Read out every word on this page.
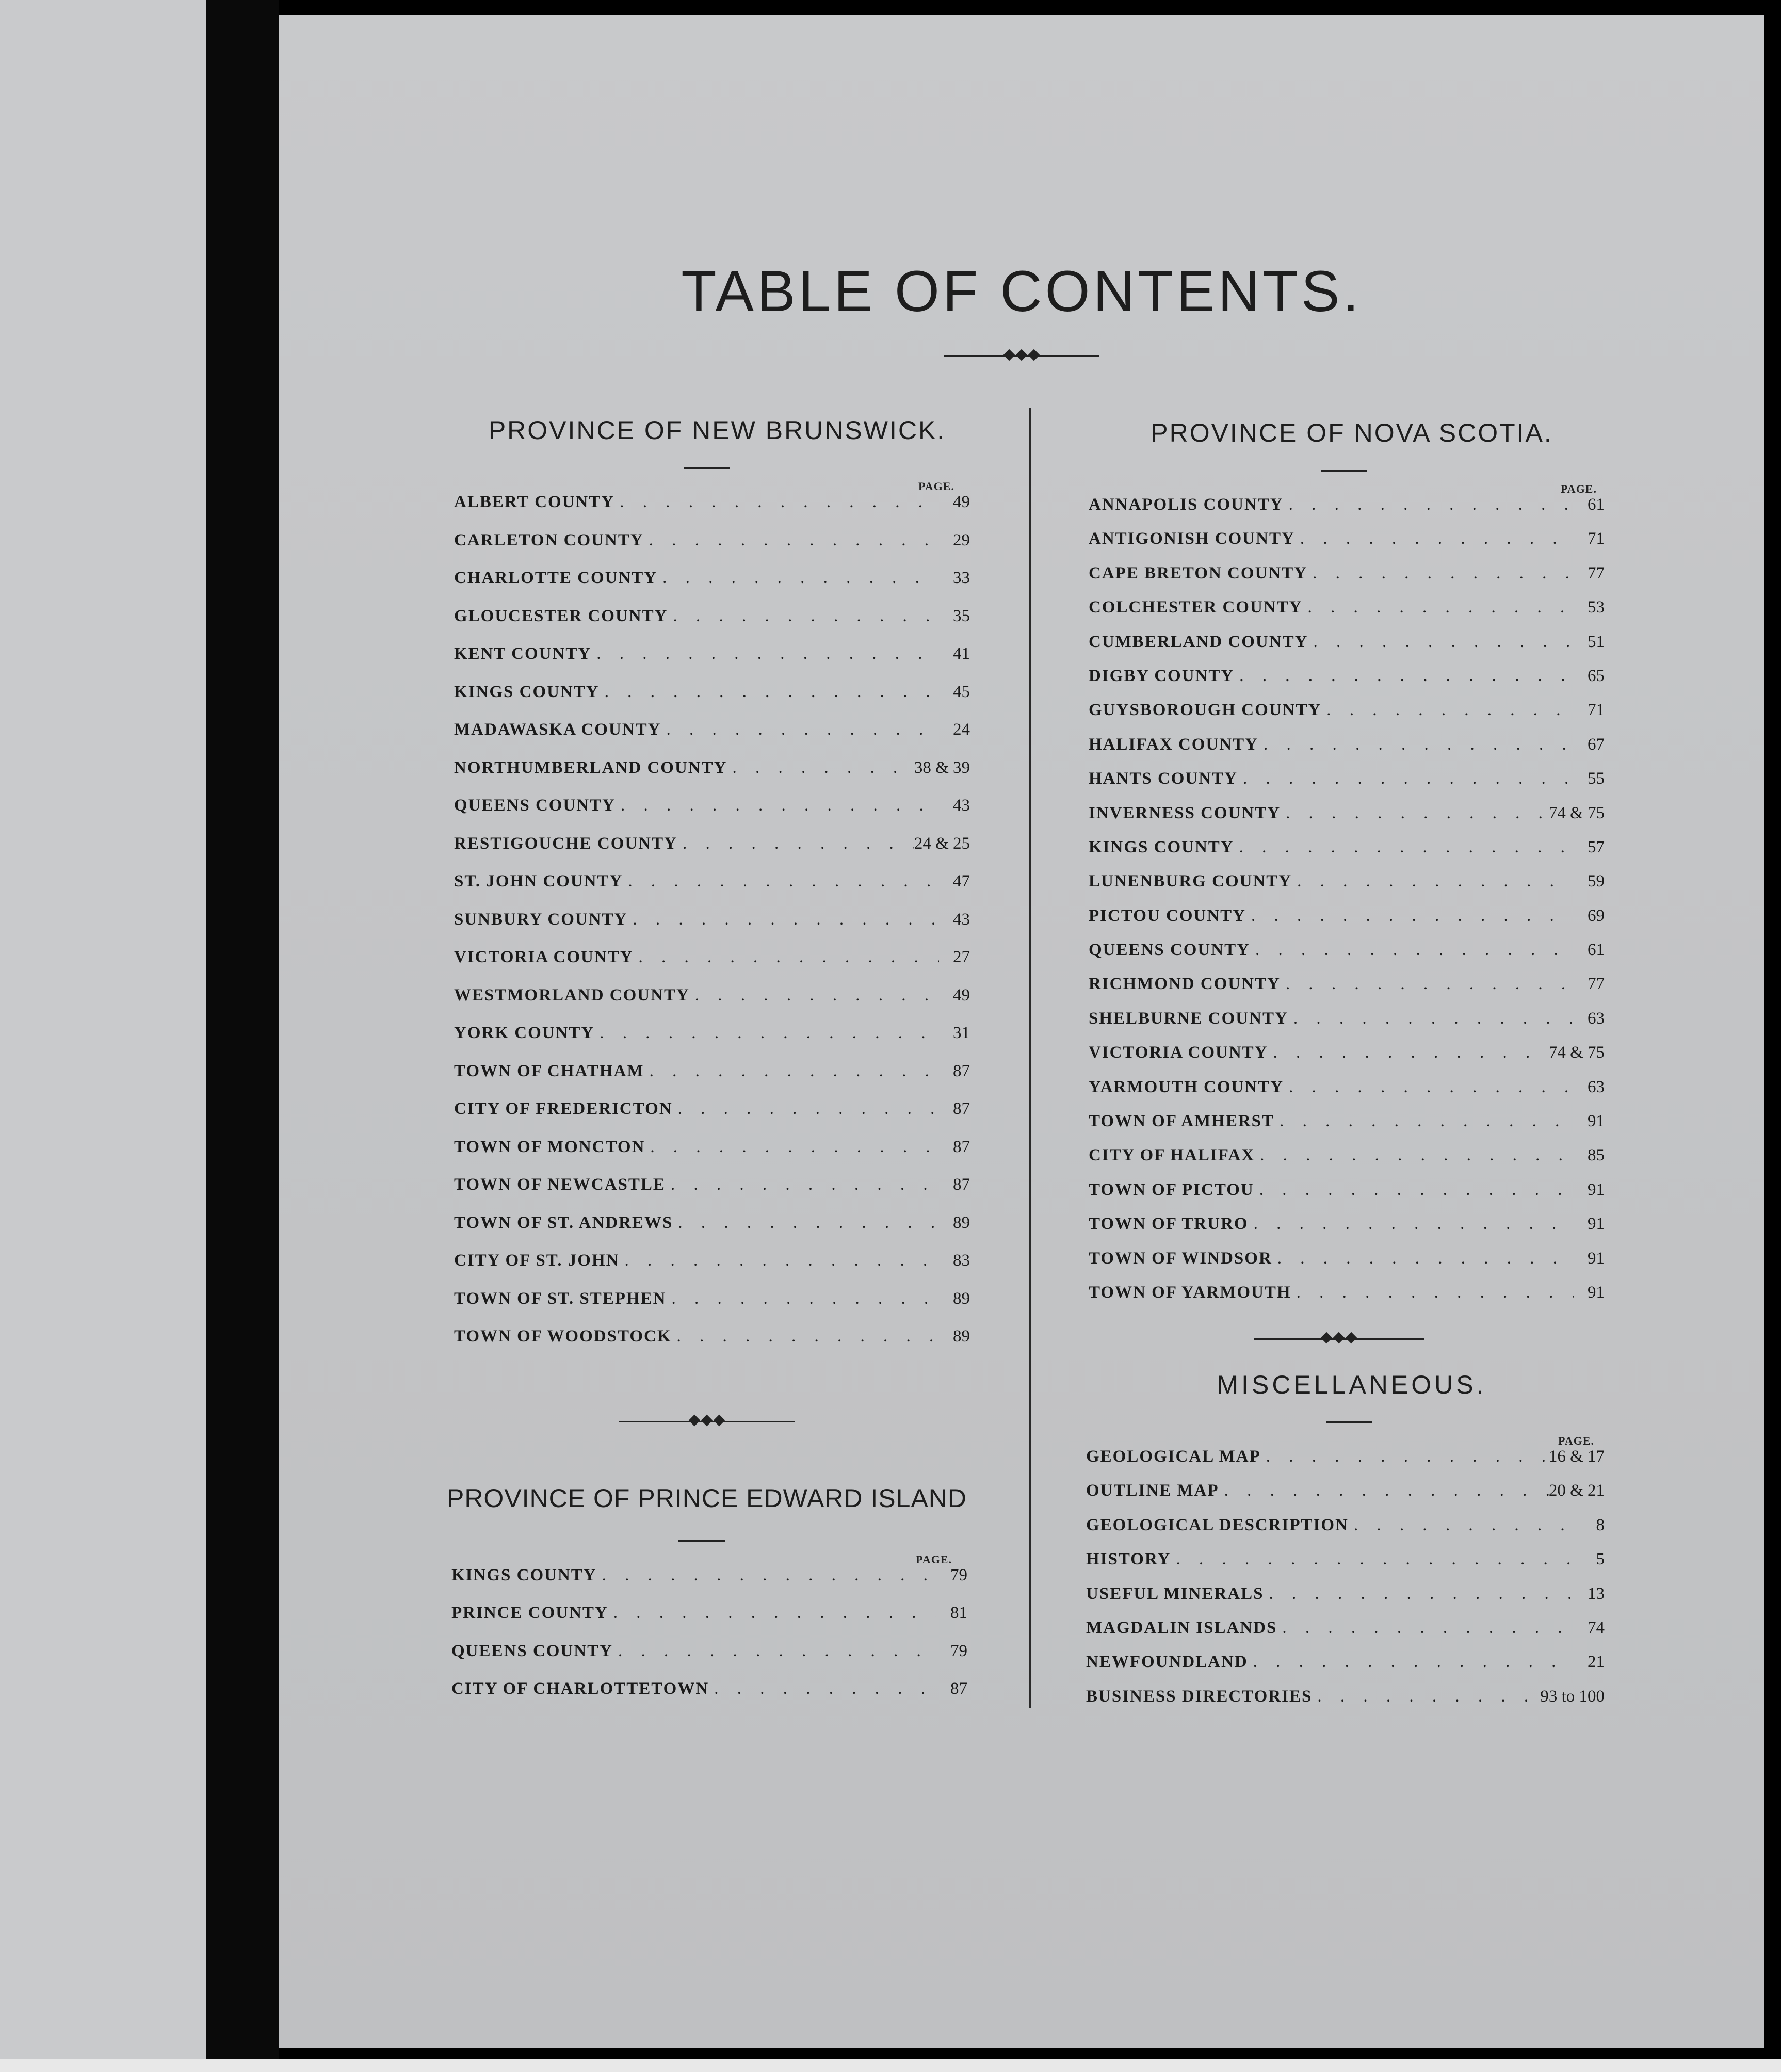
TABLE OF CONTENTS.
PROVINCE OF NEW BRUNSWICK.
PAGE.
ALBERT COUNTY . . .	49
CARLETON COUNTY . . .	29
CHARLOTTE COUNTY . . .	33
GLOUCESTER COUNTY . . .	35
KENT COUNTY . . .	41
KINGS COUNTY . . .	45
MADAWASKA COUNTY . . .	24
NORTHUMBERLAND COUNTY . . .	38 & 39
QUEENS COUNTY . . .	43
RESTIGOUCHE COUNTY . . .	24 & 25
ST. JOHN COUNTY . . .	47
SUNBURY COUNTY . . .	43
VICTORIA COUNTY . . .	27
WESTMORLAND COUNTY . . .	49
YORK COUNTY . . .	31
TOWN OF CHATHAM . . .	87
CITY OF FREDERICTON . . .	87
TOWN OF MONCTON . . .	87
TOWN OF NEWCASTLE . . .	87
TOWN OF ST. ANDREWS . . .	89
CITY OF ST. JOHN . . .	83
TOWN OF ST. STEPHEN . . .	89
TOWN OF WOODSTOCK . . .	89
PROVINCE OF PRINCE EDWARD ISLAND
PAGE.
KINGS COUNTY . . .	79
PRINCE COUNTY . . .	81
QUEENS COUNTY . . .	79
CITY OF CHARLOTTETOWN . . .	87
PROVINCE OF NOVA SCOTIA.
PAGE.
ANNAPOLIS COUNTY . . .	61
ANTIGONISH COUNTY . . .	71
CAPE BRETON COUNTY . . .	77
COLCHESTER COUNTY . . .	53
CUMBERLAND COUNTY . . .	51
DIGBY COUNTY . . .	65
GUYSBOROUGH COUNTY . . .	71
HALIFAX COUNTY . . .	67
HANTS COUNTY . . .	55
INVERNESS COUNTY . . .	74 & 75
KINGS COUNTY . . .	57
LUNENBURG COUNTY . . .	59
PICTOU COUNTY . . .	69
QUEENS COUNTY . . .	61
RICHMOND COUNTY . . .	77
SHELBURNE COUNTY . . .	63
VICTORIA COUNTY . . .	74 & 75
YARMOUTH COUNTY . . .	63
TOWN OF AMHERST . . .	91
CITY OF HALIFAX . . .	85
TOWN OF PICTOU . . .	91
TOWN OF TRURO . . .	91
TOWN OF WINDSOR . . .	91
TOWN OF YARMOUTH . . .	91
MISCELLANEOUS.
PAGE.
GEOLOGICAL MAP . . .	16 & 17
OUTLINE MAP . . .	20 & 21
GEOLOGICAL DESCRIPTION . . .	8
HISTORY . . .	5
USEFUL MINERALS . . .	13
MAGDALIN ISLANDS . . .	74
NEWFOUNDLAND . . .	21
BUSINESS DIRECTORIES . . .	93 to 100
